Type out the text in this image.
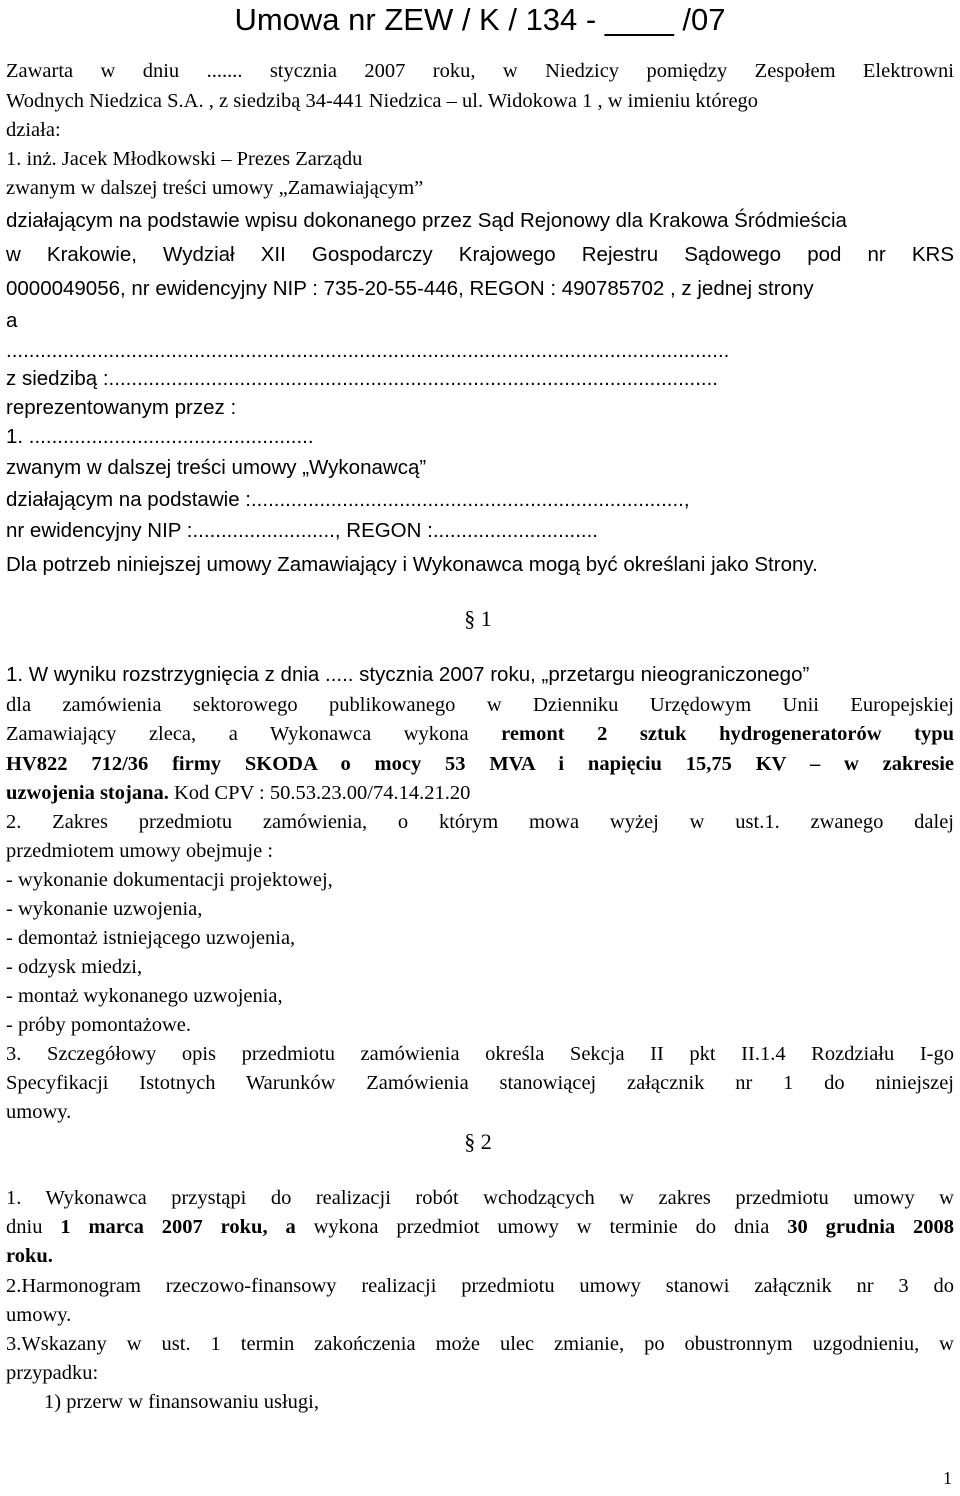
Umowa nr ZEW / K / 134 - ____ /07
Zawarta w dniu ....... stycznia 2007 roku, w Niedzicy pomiędzy Zespołem Elektrowni
Wodnych Niedzica S.A. , z siedzibą 34-441 Niedzica – ul. Widokowa 1 , w imieniu którego
działa:
1. inż. Jacek Młodkowski – Prezes Zarządu
zwanym w dalszej treści umowy „Zamawiającym”
działającym na podstawie wpisu dokonanego przez Sąd Rejonowy dla Krakowa Śródmieścia
w Krakowie, Wydział XII Gospodarczy Krajowego Rejestru Sądowego pod nr KRS
0000049056, nr ewidencyjny NIP : 735-20-55-446, REGON : 490785702 , z jednej strony
a
...............................................................................................................................
z siedzibą :...........................................................................................................
reprezentowanym przez :
1. ..................................................
zwanym w dalszej treści umowy „Wykonawcą”
działającym na podstawie :............................................................................,
nr ewidencyjny NIP :........................., REGON :.............................
Dla potrzeb niniejszej umowy Zamawiający i Wykonawca mogą być określani jako Strony.
§ 1
1. W wyniku rozstrzygnięcia z dnia ..... stycznia 2007 roku, „przetargu nieograniczonego”
dla zamówienia sektorowego publikowanego w Dzienniku Urzędowym Unii Europejskiej
Zamawiający zleca, a Wykonawca wykona remont 2 sztuk hydrogeneratorów typu
HV822 712/36 firmy SKODA o mocy 53 MVA i napięciu 15,75 KV – w zakresie
uzwojenia stojana. Kod CPV : 50.53.23.00/74.14.21.20
2. Zakres przedmiotu zamówienia, o którym mowa wyżej w ust.1. zwanego dalej
przedmiotem umowy obejmuje :
- wykonanie dokumentacji projektowej,
- wykonanie uzwojenia,
- demontaż istniejącego uzwojenia,
- odzysk miedzi,
- montaż wykonanego uzwojenia,
- próby pomontażowe.
3. Szczegółowy opis przedmiotu zamówienia określa Sekcja II pkt II.1.4 Rozdziału I-go
Specyfikacji Istotnych Warunków Zamówienia stanowiącej załącznik nr 1 do niniejszej
umowy.
§ 2
1. Wykonawca przystąpi do realizacji robót wchodzących w zakres przedmiotu umowy w
dniu 1 marca 2007 roku, a wykona przedmiot umowy w terminie do dnia 30 grudnia 2008
roku.
2.Harmonogram rzeczowo-finansowy realizacji przedmiotu umowy stanowi załącznik nr 3 do
umowy.
3.Wskazany w ust. 1 termin zakończenia może ulec zmianie, po obustronnym uzgodnieniu, w
przypadku:
1) przerw w finansowaniu usługi,
1
